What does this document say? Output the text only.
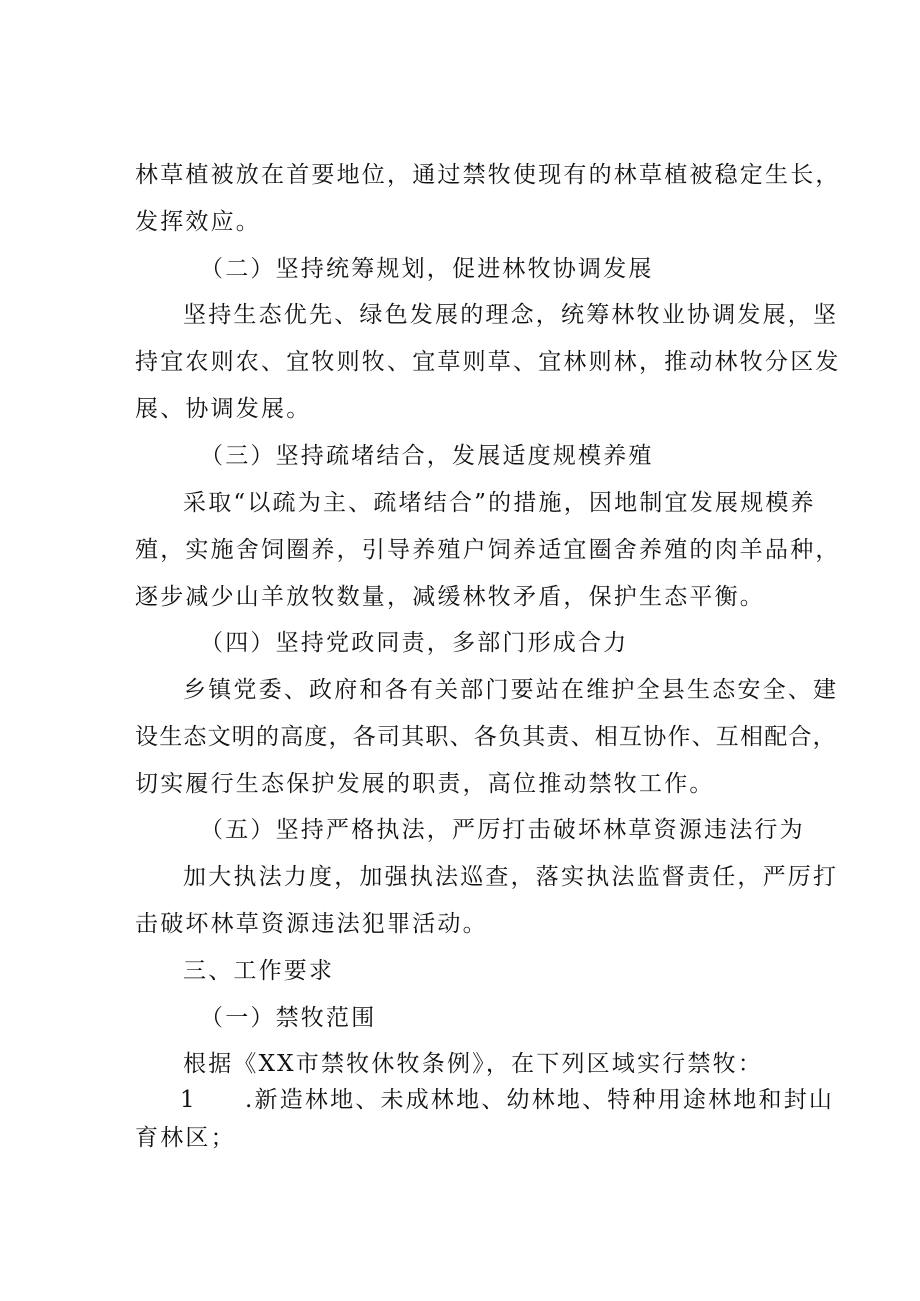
林草植被放在首要地位，通过禁牧使现有的林草植被稳定生长，
发挥效应。
（二）坚持统筹规划，促进林牧协调发展
坚持生态优先、绿色发展的理念，统筹林牧业协调发展，坚
持宜农则农、宜牧则牧、宜草则草、宜林则林，推动林牧分区发
展、协调发展。
（三）坚持疏堵结合，发展适度规模养殖
采取“以疏为主、疏堵结合”的措施，因地制宜发展规模养
殖，实施舍饲圈养，引导养殖户饲养适宜圈舍养殖的肉羊品种，
逐步减少山羊放牧数量，减缓林牧矛盾，保护生态平衡。
（四）坚持党政同责，多部门形成合力
乡镇党委、政府和各有关部门要站在维护全县生态安全、建
设生态文明的高度，各司其职、各负其责、相互协作、互相配合，
切实履行生态保护发展的职责，高位推动禁牧工作。
（五）坚持严格执法，严厉打击破坏林草资源违法行为
加大执法力度，加强执法巡查，落实执法监督责任，严厉打
击破坏林草资源违法犯罪活动。
三、工作要求
（一）禁牧范围
根据《XX市禁牧休牧条例》，在下列区域实行禁牧：
1 .新造林地、未成林地、幼林地、特种用途林地和封山
育林区；
